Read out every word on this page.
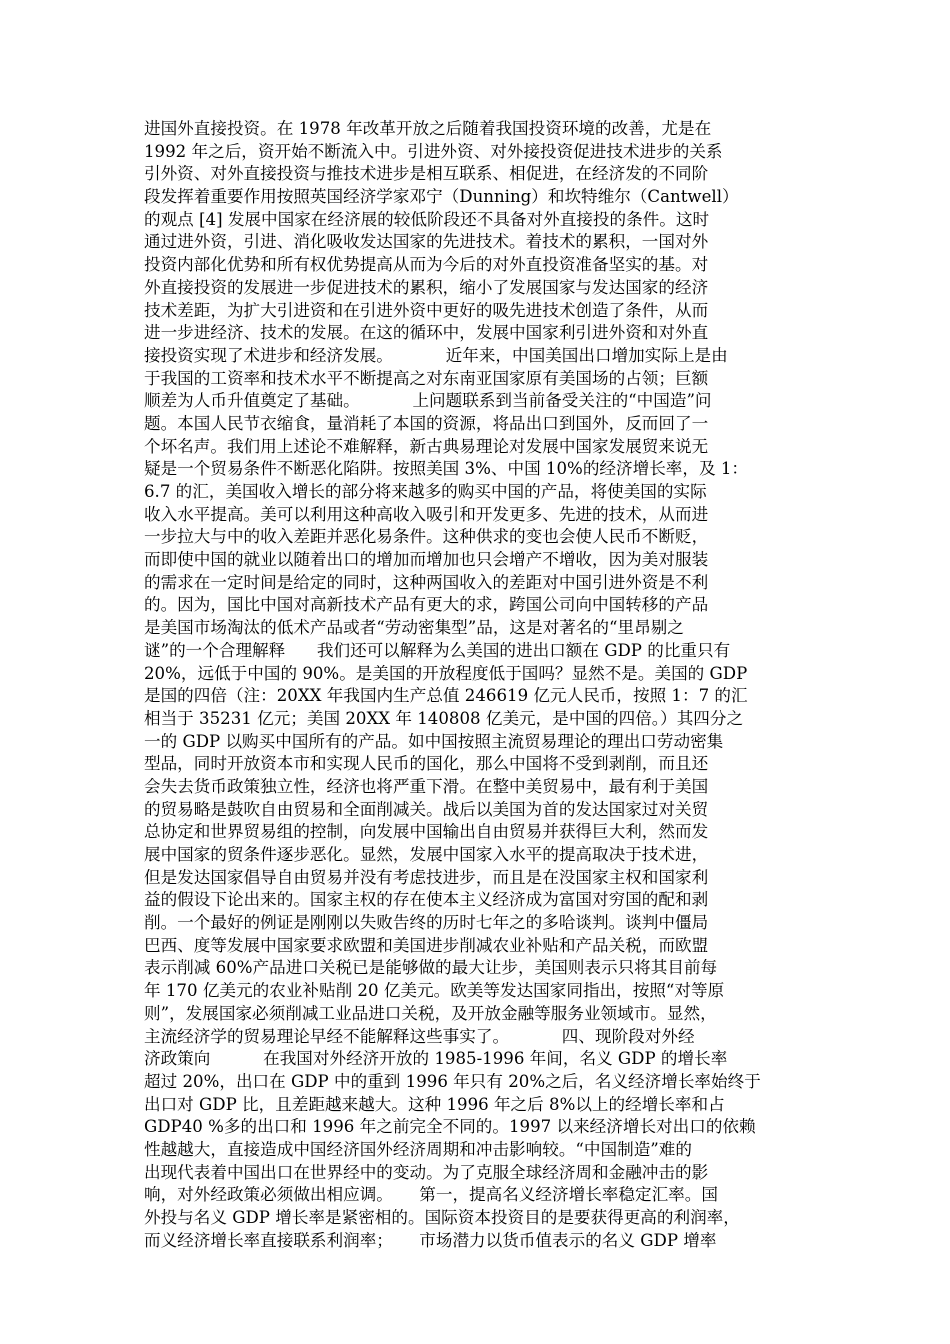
进国外直接投资。在 1978 年改革开放之后随着我国投资环境的改善，尤是在
1992 年之后，资开始不断流入中。引进外资、对外接投资促进技术进步的关系
引外资、对外直接投资与推技术进步是相互联系、相促进，在经济发的不同阶
段发挥着重要作用按照英国经济学家邓宁（Dunning）和坎特维尔（Cantwell）
的观点 [4] 发展中国家在经济展的较低阶段还不具备对外直接投的条件。这时
通过进外资，引进、消化吸收发达国家的先进技术。着技术的累积，一国对外
投资内部化优势和所有权优势提高从而为今后的对外直投资准备坚实的基。对
外直接投资的发展进一步促进技术的累积，缩小了发展国家与发达国家的经济
技术差距，为扩大引进资和在引进外资中更好的吸先进技术创造了条件，从而
进一步进经济、技术的发展。在这的循环中，发展中国家利引进外资和对外直
接投资实现了术进步和经济发展。          近年来，中国美国出口增加实际上是由
于我国的工资率和技术水平不断提高之对东南亚国家原有美国场的占领；巨额
顺差为人币升值奠定了基础。          上问题联系到当前备受关注的“中国造”问
题。本国人民节衣缩食，量消耗了本国的资源，将品出口到国外，反而回了一
个坏名声。我们用上述论不难解释，新古典易理论对发展中国家发展贸来说无
疑是一个贸易条件不断恶化陷阱。按照美国 3%、中国 10%的经济增长率，及 1：
6.7 的汇，美国收入增长的部分将来越多的购买中国的产品，将使美国的实际
收入水平提高。美可以利用这种高收入吸引和开发更多、先进的技术，从而进
一步拉大与中的收入差距并恶化易条件。这种供求的变也会使人民币不断贬，
而即使中国的就业以随着出口的增加而增加也只会增产不增收，因为美对服装
的需求在一定时间是给定的同时，这种两国收入的差距对中国引进外资是不利
的。因为，国比中国对高新技术产品有更大的求，跨国公司向中国转移的产品
是美国市场淘汰的低术产品或者“劳动密集型”品，这是对著名的“里昂剔之
谜”的一个合理解释      我们还可以解释为么美国的进出口额在 GDP 的比重只有
20%，远低于中国的 90%。是美国的开放程度低于国吗？显然不是。美国的 GDP
是国的四倍（注：20XX 年我国内生产总值 246619 亿元人民币，按照 1：7 的汇
相当于 35231 亿元；美国 20XX 年 140808 亿美元，是中国的四倍。）其四分之
一的 GDP 以购买中国所有的产品。如中国按照主流贸易理论的理出口劳动密集
型品，同时开放资本市和实现人民币的国化，那么中国将不受到剥削，而且还
会失去货币政策独立性，经济也将严重下滑。在整中美贸易中，最有利于美国
的贸易略是鼓吹自由贸易和全面削减关。战后以美国为首的发达国家过对关贸
总协定和世界贸易组的控制，向发展中国输出自由贸易并获得巨大利，然而发
展中国家的贸条件逐步恶化。显然，发展中国家入水平的提高取决于技术进，
但是发达国家倡导自由贸易并没有考虑技进步，而且是在没国家主权和国家利
益的假设下论出来的。国家主权的存在使本主义经济成为富国对穷国的配和剥
削。一个最好的例证是刚刚以失败告终的历时七年之的多哈谈判。谈判中僵局
巴西、度等发展中国家要求欧盟和美国进步削减农业补贴和产品关税，而欧盟
表示削减 60%产品进口关税已是能够做的最大让步，美国则表示只将其目前每
年 170 亿美元的农业补贴削 20 亿美元。欧美等发达国家同指出，按照“对等原
则”，发展国家必须削减工业品进口关税，及开放金融等服务业领域市。显然，
主流经济学的贸易理论早经不能解释这些事实了。          四、现阶段对外经
济政策向          在我国对外经济开放的 1985-1996 年间，名义 GDP 的增长率
超过 20%，出口在 GDP 中的重到 1996 年只有 20%之后，名义经济增长率始终于
出口对 GDP 比，且差距越来越大。这种 1996 年之后 8%以上的经增长率和占
GDP40 %多的出口和 1996 年之前完全不同的。1997 以来经济增长对出口的依赖
性越越大，直接造成中国经济国外经济周期和冲击影响较。“中国制造”难的
出现代表着中国出口在世界经中的变动。为了克服全球经济周和金融冲击的影
响，对外经政策必须做出相应调。     第一，提高名义经济增长率稳定汇率。国
外投与名义 GDP 增长率是紧密相的。国际资本投资目的是要获得更高的利润率，
而义经济增长率直接联系利润率；     市场潜力以货币值表示的名义 GDP 增率
